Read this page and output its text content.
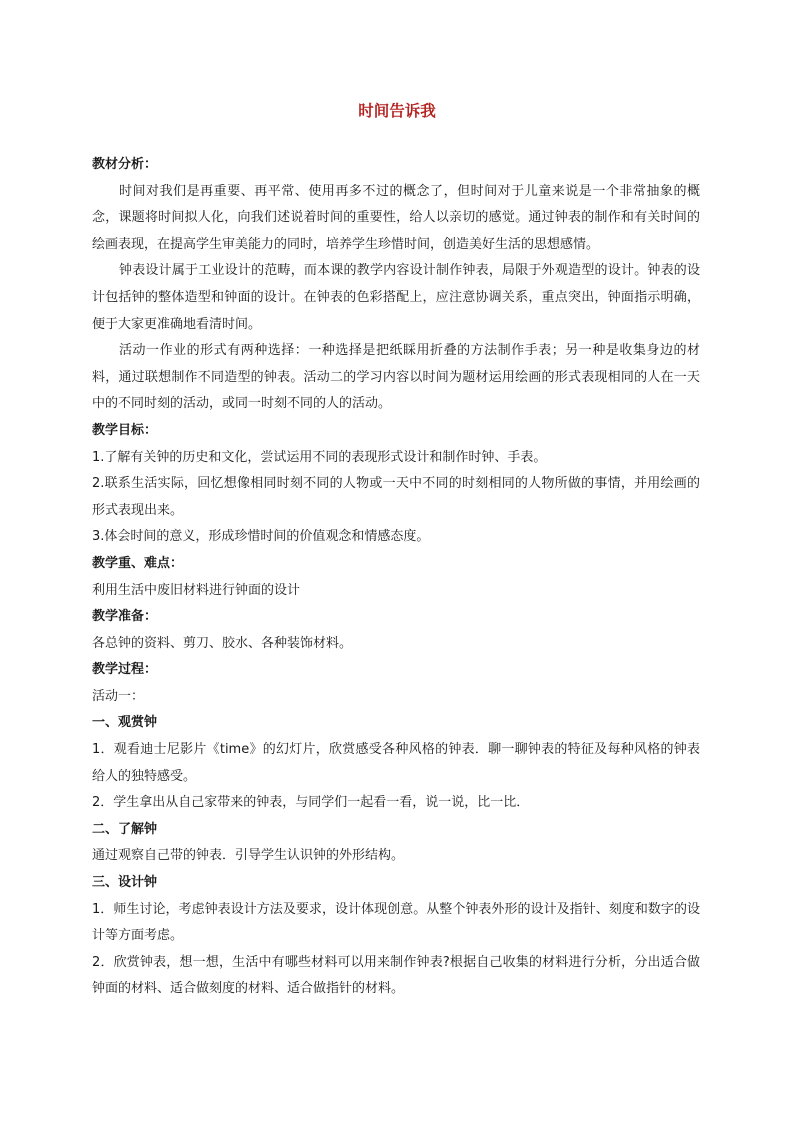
时间告诉我

教材分析：

时间对我们是再重要、再平常、使用再多不过的概念了，但时间对于儿童来说是一个非常抽象的概念，课题将时间拟人化，向我们述说着时间的重要性，给人以亲切的感觉。通过钟表的制作和有关时间的绘画表现，在提高学生审美能力的同时，培养学生珍惜时间，创造美好生活的思想感情。

钟表设计属于工业设计的范畴，而本课的教学内容设计制作钟表，局限于外观造型的设计。钟表的设计包括钟的整体造型和钟面的设计。在钟表的色彩搭配上，应注意协调关系，重点突出，钟面指示明确，便于大家更准确地看清时间。

活动一作业的形式有两种选择：一种选择是把纸睬用折叠的方法制作手表；另一种是收集身边的材料，通过联想制作不同造型的钟表。活动二的学习内容以时间为题材运用绘画的形式表现相同的人在一天中的不同时刻的活动，或同一时刻不同的人的活动。

教学目标：

1.了解有关钟的历史和文化，尝试运用不同的表现形式设计和制作时钟、手表。

2.联系生活实际，回忆想像相同时刻不同的人物或一天中不同的时刻相同的人物所做的事情，并用绘画的形式表现出来。

3.体会时间的意义，形成珍惜时间的价值观念和情感态度。

教学重、难点：

利用生活中废旧材料进行钟面的设计

教学准备：

各总钟的资料、剪刀、胶水、各种装饰材料。

教学过程：

活动一：

一、观赏钟

1．观看迪士尼影片《time》的幻灯片，欣赏感受各种风格的钟表．聊一聊钟表的特征及每种风格的钟表给人的独特感受。

2．学生拿出从自己家带来的钟表，与同学们一起看一看，说一说，比一比．

二、了解钟

通过观察自己带的钟表．引导学生认识钟的外形结构。

三、设计钟

1．师生讨论，考虑钟表设计方法及要求，设计体现创意。从整个钟表外形的设计及指针、刻度和数字的设计等方面考虑。

2．欣赏钟表，想一想，生活中有哪些材料可以用来制作钟表?根据自己收集的材料进行分析，分出适合做钟面的材料、适合做刻度的材料、适合做指针的材料。
